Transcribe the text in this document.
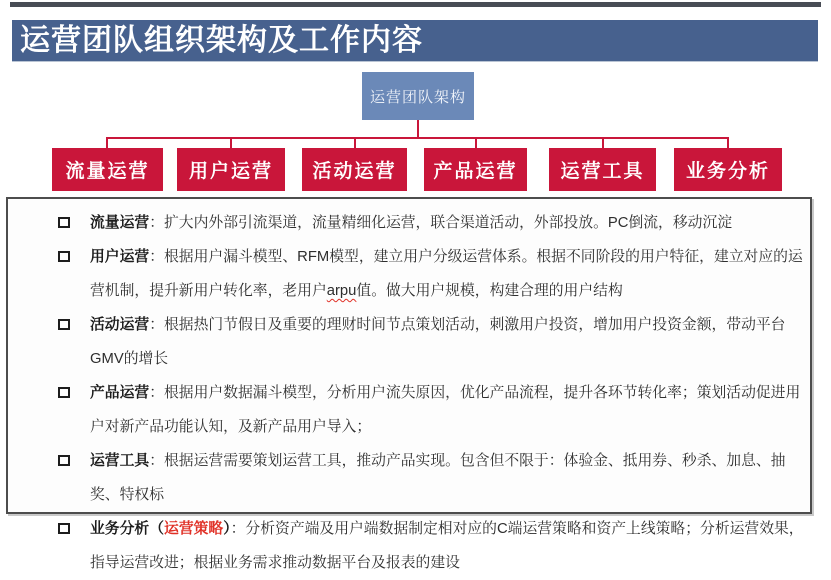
运营团队组织架构及工作内容
运营团队架构
流量运营	用户运营	活动运营	产品运营	运营工具	业务分析
流量运营：扩大内外部引流渠道，流量精细化运营，联合渠道活动，外部投放。PC倒流，移动沉淀
用户运营：根据用户漏斗模型、RFM模型，建立用户分级运营体系。根据不同阶段的用户特征，建立对应的运营机制，提升新用户转化率，老用户arpu值。做大用户规模，构建合理的用户结构
活动运营：根据热门节假日及重要的理财时间节点策划活动，刺激用户投资，增加用户投资金额，带动平台GMV的增长
产品运营：根据用户数据漏斗模型，分析用户流失原因，优化产品流程，提升各环节转化率；策划活动促进用户对新产品功能认知，及新产品用户导入；
运营工具：根据运营需要策划运营工具，推动产品实现。包含但不限于：体验金、抵用券、秒杀、加息、抽奖、特权标
业务分析（运营策略）：分析资产端及用户端数据制定相对应的C端运营策略和资产上线策略；分析运营效果，指导运营改进；根据业务需求推动数据平台及报表的建设
